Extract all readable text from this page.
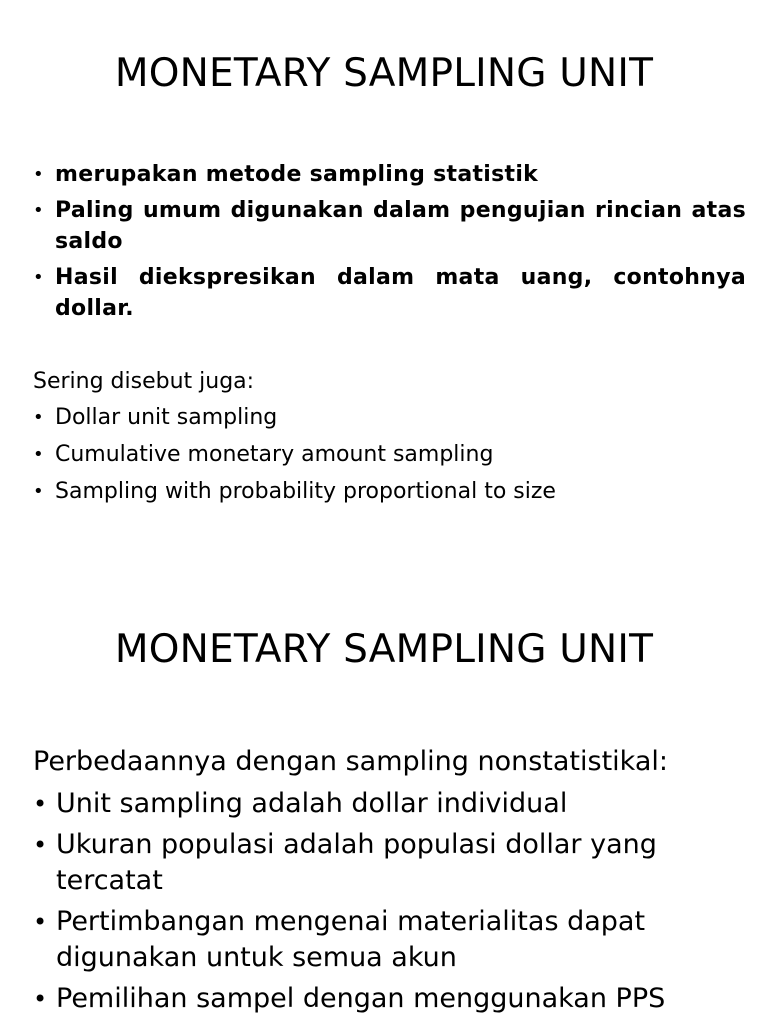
MONETARY SAMPLING UNIT
• merupakan metode sampling statistik
• Paling umum digunakan dalam pengujian rincian atas saldo
• Hasil diekspresikan dalam mata uang, contohnya dollar.

Sering disebut juga:

• Dollar unit sampling
• Cumulative monetary amount sampling
• Sampling with probability proportional to size
MONETARY SAMPLING UNIT

Perbedaannya dengan sampling nonstatistikal:

• Unit sampling adalah dollar individual
• Ukuran populasi adalah populasi dollar yang tercatat
• Pertimbangan mengenai materialitas dapat digunakan untuk semua akun
• Pemilihan sampel dengan menggunakan PPS
